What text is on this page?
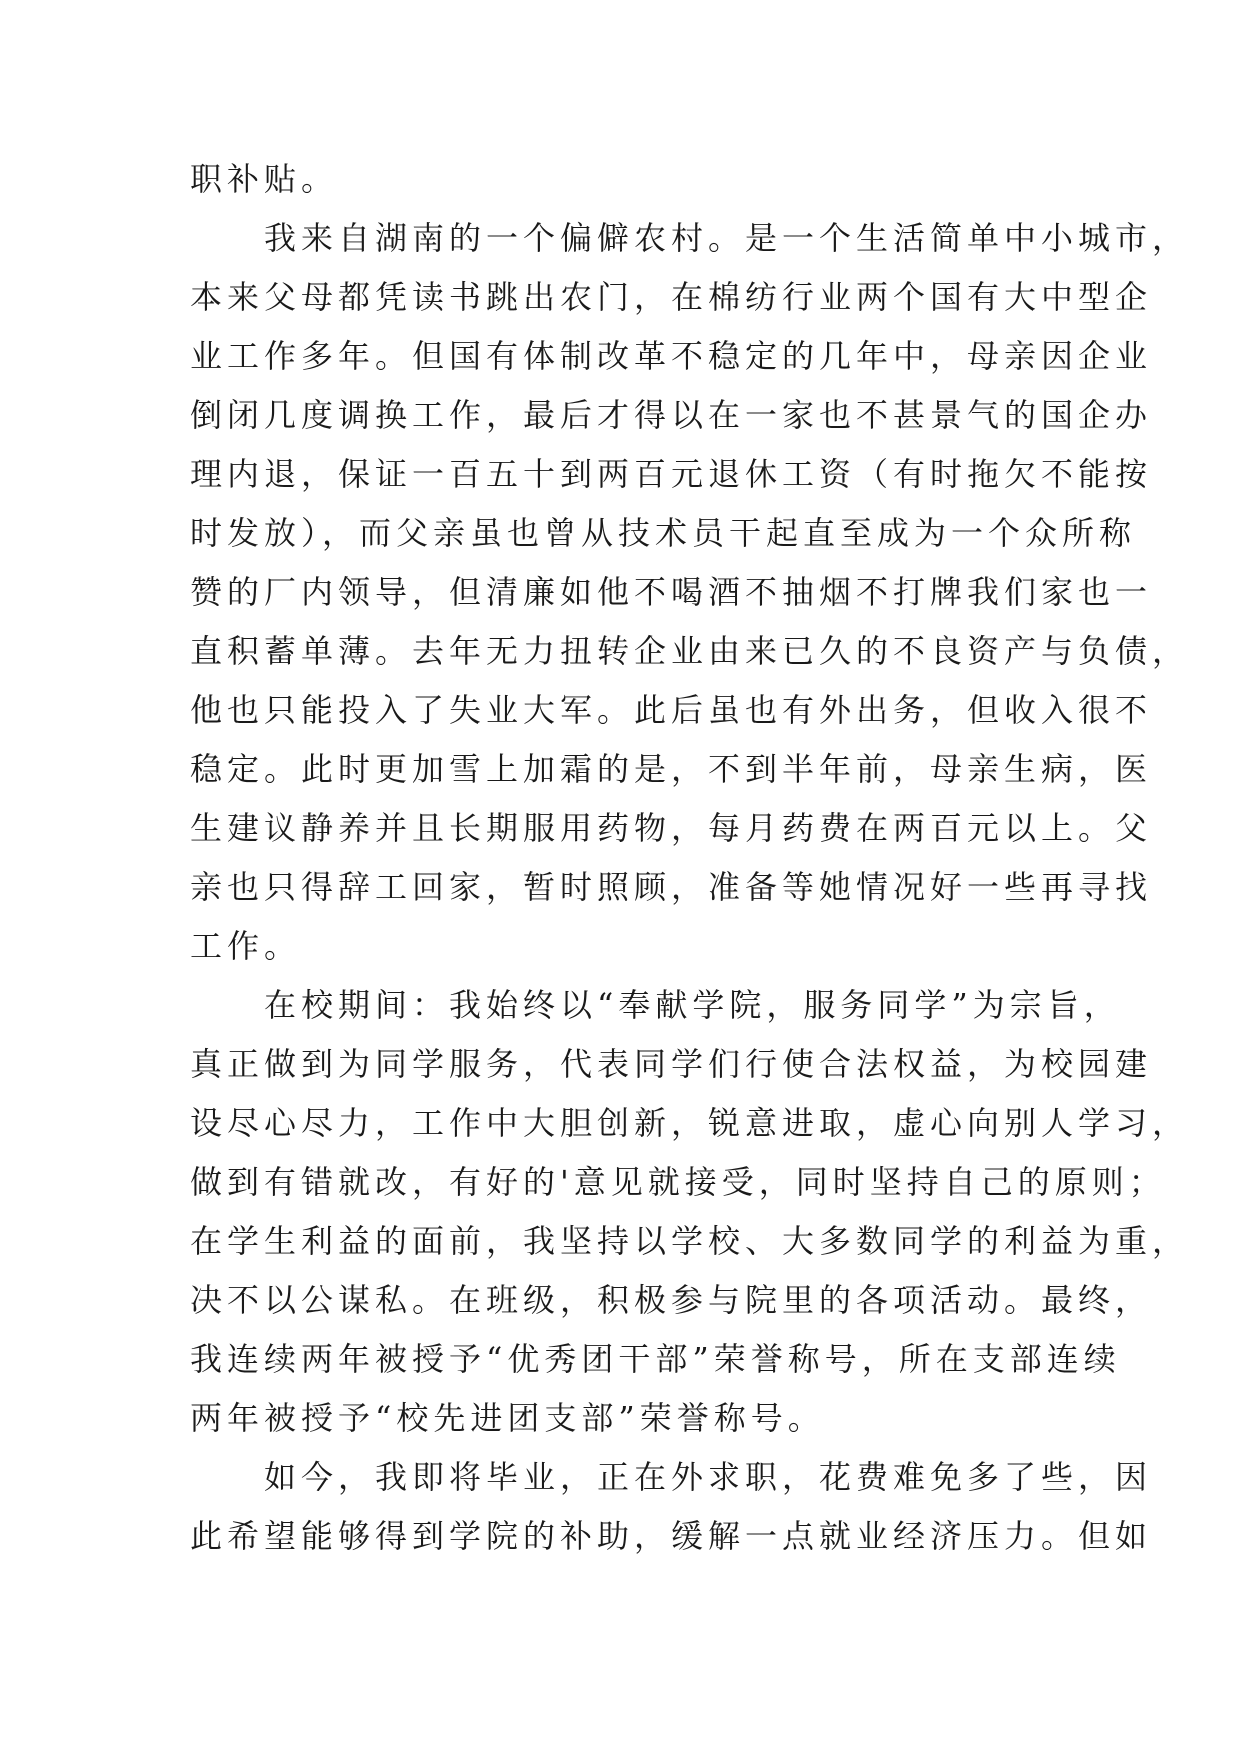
职补贴。
　　我来自湖南的一个偏僻农村。是一个生活简单中小城市，
本来父母都凭读书跳出农门，在棉纺行业两个国有大中型企
业工作多年。但国有体制改革不稳定的几年中，母亲因企业
倒闭几度调换工作，最后才得以在一家也不甚景气的国企办
理内退，保证一百五十到两百元退休工资（有时拖欠不能按
时发放），而父亲虽也曾从技术员干起直至成为一个众所称
赞的厂内领导，但清廉如他不喝酒不抽烟不打牌我们家也一
直积蓄单薄。去年无力扭转企业由来已久的不良资产与负债，
他也只能投入了失业大军。此后虽也有外出务，但收入很不
稳定。此时更加雪上加霜的是，不到半年前，母亲生病，医
生建议静养并且长期服用药物，每月药费在两百元以上。父
亲也只得辞工回家，暂时照顾，准备等她情况好一些再寻找
工作。
　　在校期间：我始终以“奉献学院，服务同学”为宗旨，
真正做到为同学服务，代表同学们行使合法权益，为校园建
设尽心尽力，工作中大胆创新，锐意进取，虚心向别人学习，
做到有错就改，有好的'意见就接受，同时坚持自己的原则；
在学生利益的面前，我坚持以学校、大多数同学的利益为重，
决不以公谋私。在班级，积极参与院里的各项活动。最终，
我连续两年被授予“优秀团干部”荣誉称号，所在支部连续
两年被授予“校先进团支部”荣誉称号。
　　如今，我即将毕业，正在外求职，花费难免多了些，因
此希望能够得到学院的补助，缓解一点就业经济压力。但如
